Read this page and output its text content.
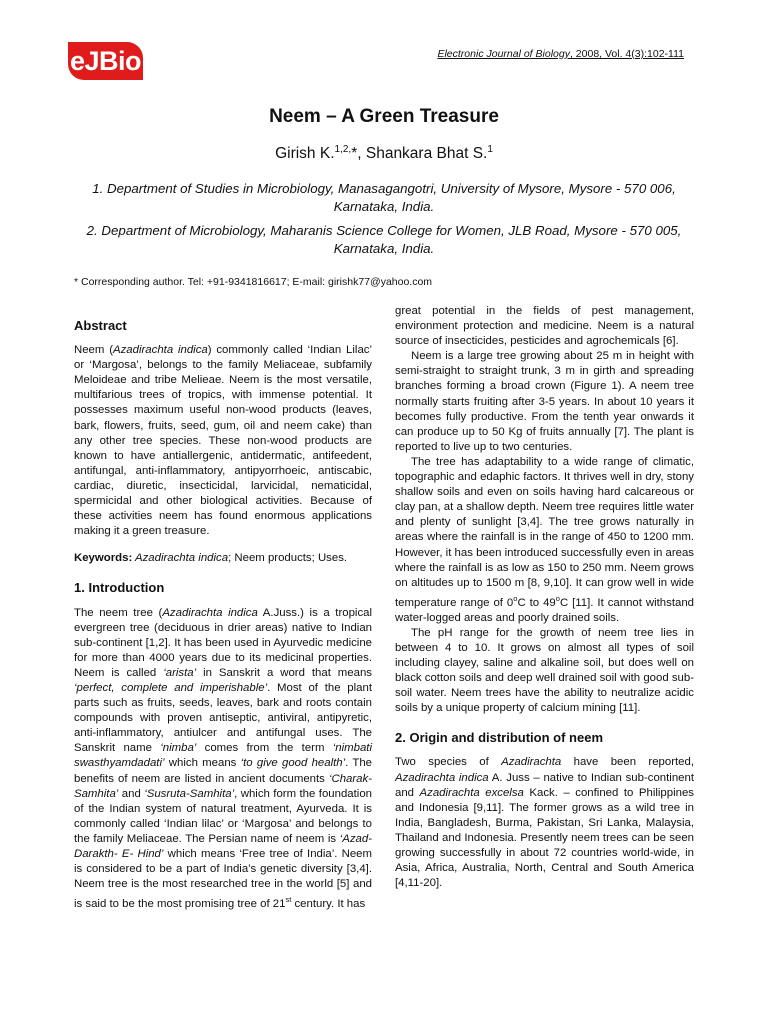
eJBio	Electronic Journal of Biology, 2008, Vol. 4(3):102-111
Neem – A Green Treasure
Girish K.$^{1,2,}$*, Shankara Bhat S.$^1$
1. Department of Studies in Microbiology, Manasagangotri, University of Mysore, Mysore - 570 006, Karnataka, India.
2. Department of Microbiology, Maharanis Science College for Women, JLB Road, Mysore - 570 005, Karnataka, India.
* Corresponding author. Tel: +91-9341816617; E-mail: girishk77@yahoo.com

Abstract

Neem (Azadirachta indica) commonly called ‘Indian Lilac’ or ‘Margosa’, belongs to the family Meliaceae, subfamily Meloideae and tribe Melieae. Neem is the most versatile, multifarious trees of tropics, with immense potential. It possesses maximum useful non-wood products (leaves, bark, flowers, fruits, seed, gum, oil and neem cake) than any other tree species. These non-wood products are known to have antiallergenic, antidermatic, antifeedent, antifungal, anti-inflammatory, antipyorrhoeic, antiscabic, cardiac, diuretic, insecticidal, larvicidal, nematicidal, spermicidal and other biological activities. Because of these activities neem has found enormous applications making it a green treasure.

Keywords: Azadirachta indica; Neem products; Uses.

1. Introduction

The neem tree (Azadirachta indica A.Juss.) is a tropical evergreen tree (deciduous in drier areas) native to Indian sub-continent [1,2]. It has been used in Ayurvedic medicine for more than 4000 years due to its medicinal properties. Neem is called ‘arista’ in Sanskrit a word that means ‘perfect, complete and imperishable’. Most of the plant parts such as fruits, seeds, leaves, bark and roots contain compounds with proven antiseptic, antiviral, antipyretic, anti-inflammatory, antiulcer and antifungal uses. The Sanskrit name ‘nimba’ comes from the term ‘nimbati swasthyamdadati’ which means ‘to give good health’. The benefits of neem are listed in ancient documents ‘Charak-Samhita’ and ‘Susruta-Samhita’, which form the foundation of the Indian system of natural treatment, Ayurveda. It is commonly called ‘Indian lilac’ or ‘Margosa’ and belongs to the family Meliaceae. The Persian name of neem is ‘Azad- Darakth- E- Hind’ which means ‘Free tree of India’. Neem is considered to be a part of India’s genetic diversity [3,4]. Neem tree is the most researched tree in the world [5] and is said to be the most promising tree of 21st century. It has

great potential in the fields of pest management, environment protection and medicine. Neem is a natural source of insecticides, pesticides and agrochemicals [6].

Neem is a large tree growing about 25 m in height with semi-straight to straight trunk, 3 m in girth and spreading branches forming a broad crown (Figure 1). A neem tree normally starts fruiting after 3-5 years. In about 10 years it becomes fully productive. From the tenth year onwards it can produce up to 50 Kg of fruits annually [7]. The plant is reported to live up to two centuries.

The tree has adaptability to a wide range of climatic, topographic and edaphic factors. It thrives well in dry, stony shallow soils and even on soils having hard calcareous or clay pan, at a shallow depth. Neem tree requires little water and plenty of sunlight [3,4]. The tree grows naturally in areas where the rainfall is in the range of 450 to 1200 mm. However, it has been introduced successfully even in areas where the rainfall is as low as 150 to 250 mm. Neem grows on altitudes up to 1500 m [8, 9,10]. It can grow well in wide temperature range of 0$^o$C to 49$^o$C [11]. It cannot withstand water-logged areas and poorly drained soils.

The pH range for the growth of neem tree lies in between 4 to 10. It grows on almost all types of soil including clayey, saline and alkaline soil, but does well on black cotton soils and deep well drained soil with good sub-soil water. Neem trees have the ability to neutralize acidic soils by a unique property of calcium mining [11].

2. Origin and distribution of neem

Two species of Azadirachta have been reported, Azadirachta indica A. Juss – native to Indian sub-continent and Azadirachta excelsa Kack. – confined to Philippines and Indonesia [9,11]. The former grows as a wild tree in India, Bangladesh, Burma, Pakistan, Sri Lanka, Malaysia, Thailand and Indonesia. Presently neem trees can be seen growing successfully in about 72 countries world-wide, in Asia, Africa, Australia, North, Central and South America [4,11-20].
